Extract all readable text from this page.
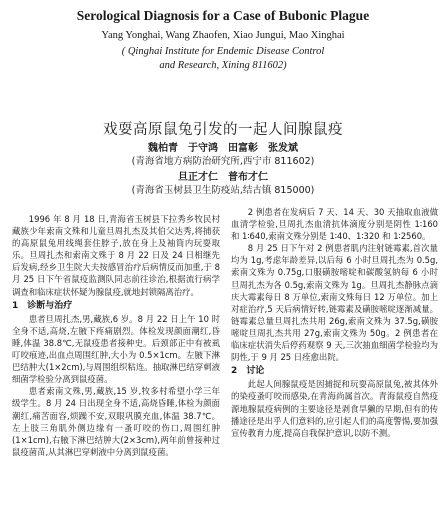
Serological Diagnosis for a Case of Bubonic Plague
Yang Yonghai, Wang Zhaofen, Xiao Jungui, Mao Xinghai
( Qinghai Institute for Endemic Disease Control
and Research, Xining 811602)
戏耍高原鼠兔引发的一起人间腺鼠疫
魏柏青　于守鸿　田富彰　张发斌
(青海省地方病防治研究所,西宁市 811602)
旦正才仁　普布才仁
(青海省玉树县卫生防疫站,结古镇 815000)

1996 年 8 月 18 日,青海省玉树县下拉秀乡牧民村藏族少年索南文殊和儿童旦周扎杰及其伯父达秀,将捕获的高原鼠兔用线绳套住脖子,放在身上及袖筒内玩耍取乐。旦周扎杰和索南文殊于 8 月 22 日及 24 日相继先后发病,经乡卫生院大夫按感冒治疗后病情反而加重,于 8 月 25 日下午省鼠疫监测队同志前往诊治,根据流行病学调查和临床症状怀疑为腺鼠疫,就地封锁隔离治疗。

1　诊断与治疗

患者旦周扎杰,男,藏族,6 岁。8 月 22 日上午 10 时全身不适,高烧,左腋下疼痛剧烈。体检发现颜面潮红,昏睡,体温 38.8℃,无鼠疫患者接种史。后颈部正中有被虱叮咬痕迹,出血点周围红肿,大小为 0.5×1cm。左腋下淋巴结肿大(1×2cm),与周围组织粘连。抽取淋巴结穿刺液细菌学检验分离到鼠疫菌。

患者索南文殊,男,藏族,15 岁,牧多村希望小学三年级学生。8 月 24 日出现全身不适,高烧昏睡,体检为颜面潮红,痛苦面容,烦躁不安,双眼巩膜充血,体温 38.7℃。左上肢三角肌外侧边缘有一蚤叮咬的伤口,周围红肿(1×1cm),右腋下淋巴结肿大(2×3cm),两年前曾接种过鼠疫菌苗,从其淋巴穿刺液中分离到鼠疫菌。

2 例患者在发病后 7 天、14 天、30 天抽取血液做血清学检验,旦周扎杰血清抗体滴度分别是阴性 1∶160 和 1∶640,索南文殊分别是 1∶40、1∶320 和 1∶2560。

8 月 25 日下午对 2 例患者肌内注射链霉素,首次量均为 1g,考虑年龄差异,以后每 6 小时旦周扎杰为 0.5g,索南文殊为 0.75g,口服磺胺嘧啶和碳酸氢钠每 6 小时旦周扎杰为各 0.5g,索南文殊为 1g。旦周扎杰静脉点滴庆大霉素每日 8 万单位,索南文殊每日 12 万单位。加上对症治疗,5 天后病情好转,链霉素及磺胺嘧啶逐渐减量。链霉素总量旦周扎杰共用 26g,索南文殊为 37.5g,磺胺嘧啶旦周扎杰共用 27g,索南文殊为 50g。2 例患者在临床症状消失后停药观察 9 天,三次抽血细菌学检验均为阴性,于 9 月 25 日痊愈出院。

2　讨论

此起人间腺鼠疫是因捕捉和玩耍高原鼠兔,被其体外的染疫蚤叮咬而感染,在青海尚属首次。青海鼠疫自然疫源地腺鼠疫病例的主要途径是剥食旱獭的早期,但有的传播途径是出乎人们意料的,应引起人们的高度警惕,要加强宣传教育力度,提高自我保护意识,以防不测。
